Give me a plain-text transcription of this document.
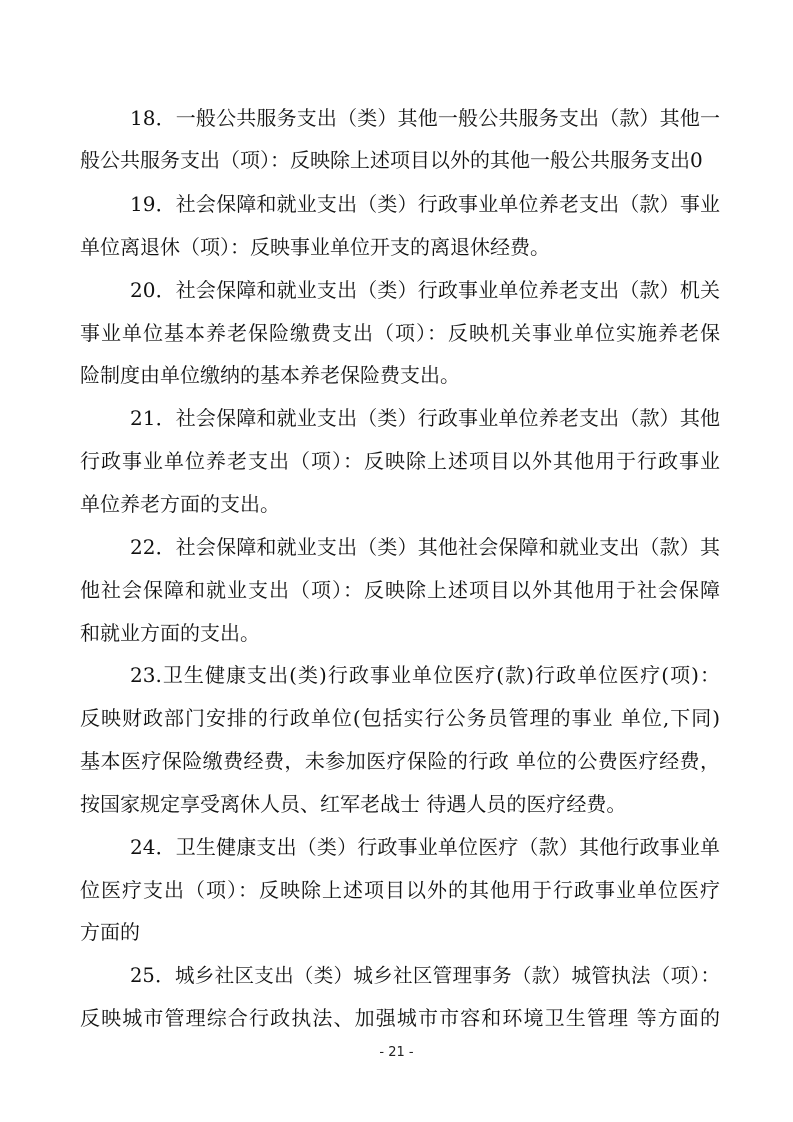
18．一般公共服务支出（类）其他一般公共服务支出（款）其他一
般公共服务支出（项）：反映除上述项目以外的其他一般公共服务支出0
19．社会保障和就业支出（类）行政事业单位养老支出（款）事业
单位离退休（项）：反映事业单位开支的离退休经费。
20．社会保障和就业支出（类）行政事业单位养老支出（款）机关
事业单位基本养老保险缴费支出（项）：反映机关事业单位实施养老保
险制度由单位缴纳的基本养老保险费支出。
21．社会保障和就业支出（类）行政事业单位养老支出（款）其他
行政事业单位养老支出（项）：反映除上述项目以外其他用于行政事业
单位养老方面的支出。
22．社会保障和就业支出（类）其他社会保障和就业支出（款）其
他社会保障和就业支出（项）：反映除上述项目以外其他用于社会保障
和就业方面的支出。
23.卫生健康支出(类)行政事业单位医疗(款)行政单位医疗(项)：
反映财政部门安排的行政单位(包括实行公务员管理的事业 单位,下同)
基本医疗保险缴费经费，未参加医疗保险的行政 单位的公费医疗经费，
按国家规定享受离休人员、红军老战士 待遇人员的医疗经费。
24．卫生健康支出（类）行政事业单位医疗（款）其他行政事业单
位医疗支出（项）：反映除上述项目以外的其他用于行政事业单位医疗
方面的
25．城乡社区支出（类）城乡社区管理事务（款）城管执法（项）：
反映城市管理综合行政执法、加强城市市容和环境卫生管理 等方面的
- 21 -
